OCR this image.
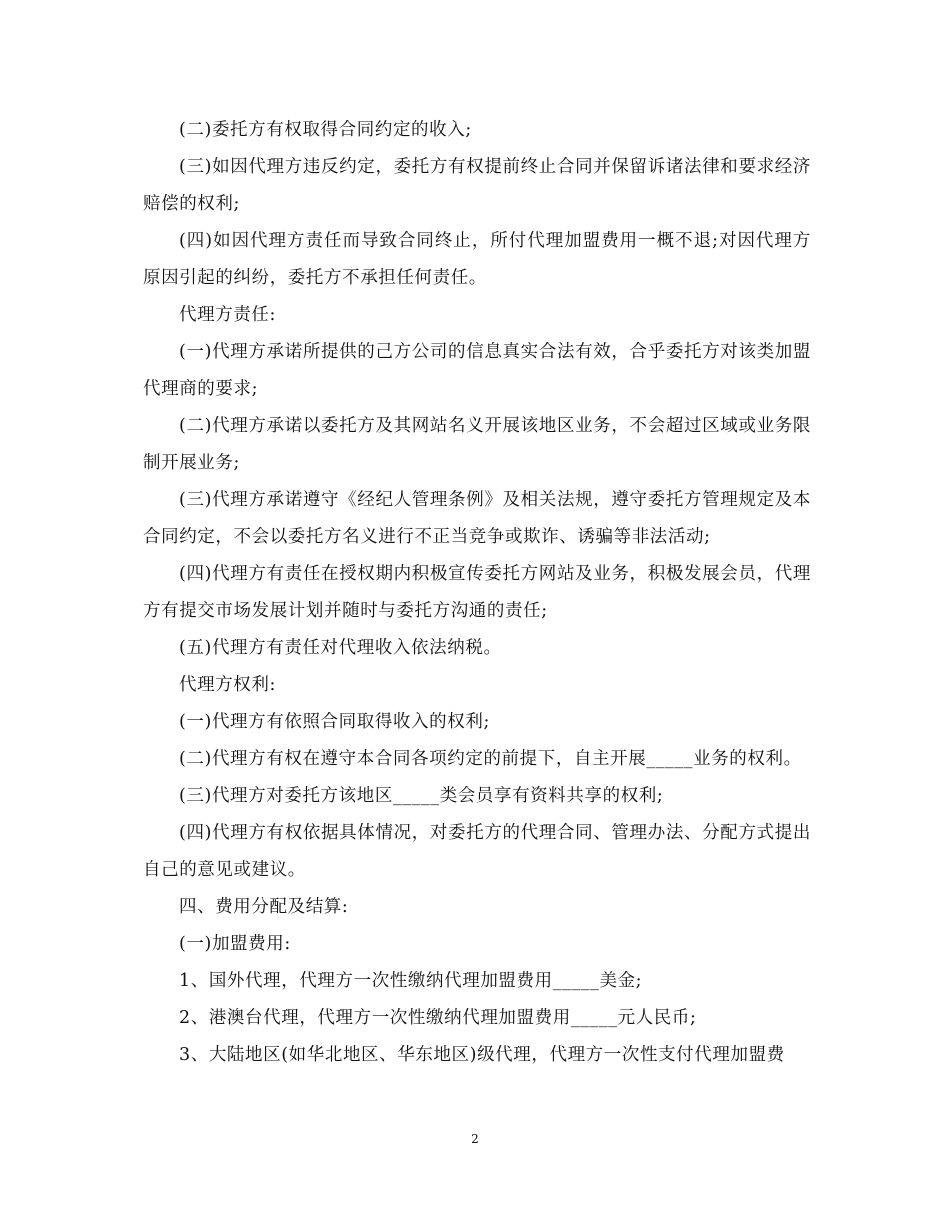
(二)委托方有权取得合同约定的收入;

(三)如因代理方违反约定，委托方有权提前终止合同并保留诉诸法律和要求经济赔偿的权利;

(四)如因代理方责任而导致合同终止，所付代理加盟费用一概不退;对因代理方原因引起的纠纷，委托方不承担任何责任。

代理方责任:

(一)代理方承诺所提供的己方公司的信息真实合法有效，合乎委托方对该类加盟代理商的要求;

(二)代理方承诺以委托方及其网站名义开展该地区业务，不会超过区域或业务限制开展业务;

(三)代理方承诺遵守《经纪人管理条例》及相关法规，遵守委托方管理规定及本合同约定，不会以委托方名义进行不正当竞争或欺诈、诱骗等非法活动;

(四)代理方有责任在授权期内积极宣传委托方网站及业务，积极发展会员，代理方有提交市场发展计划并随时与委托方沟通的责任;

(五)代理方有责任对代理收入依法纳税。

代理方权利:

(一)代理方有依照合同取得收入的权利;

(二)代理方有权在遵守本合同各项约定的前提下，自主开展_____业务的权利。

(三)代理方对委托方该地区_____类会员享有资料共享的权利;

(四)代理方有权依据具体情况，对委托方的代理合同、管理办法、分配方式提出自己的意见或建议。

四、费用分配及结算:

(一)加盟费用:

1、国外代理，代理方一次性缴纳代理加盟费用_____美金;

2、港澳台代理，代理方一次性缴纳代理加盟费用_____元人民币;

3、大陆地区(如华北地区、华东地区)级代理，代理方一次性支付代理加盟费

2
